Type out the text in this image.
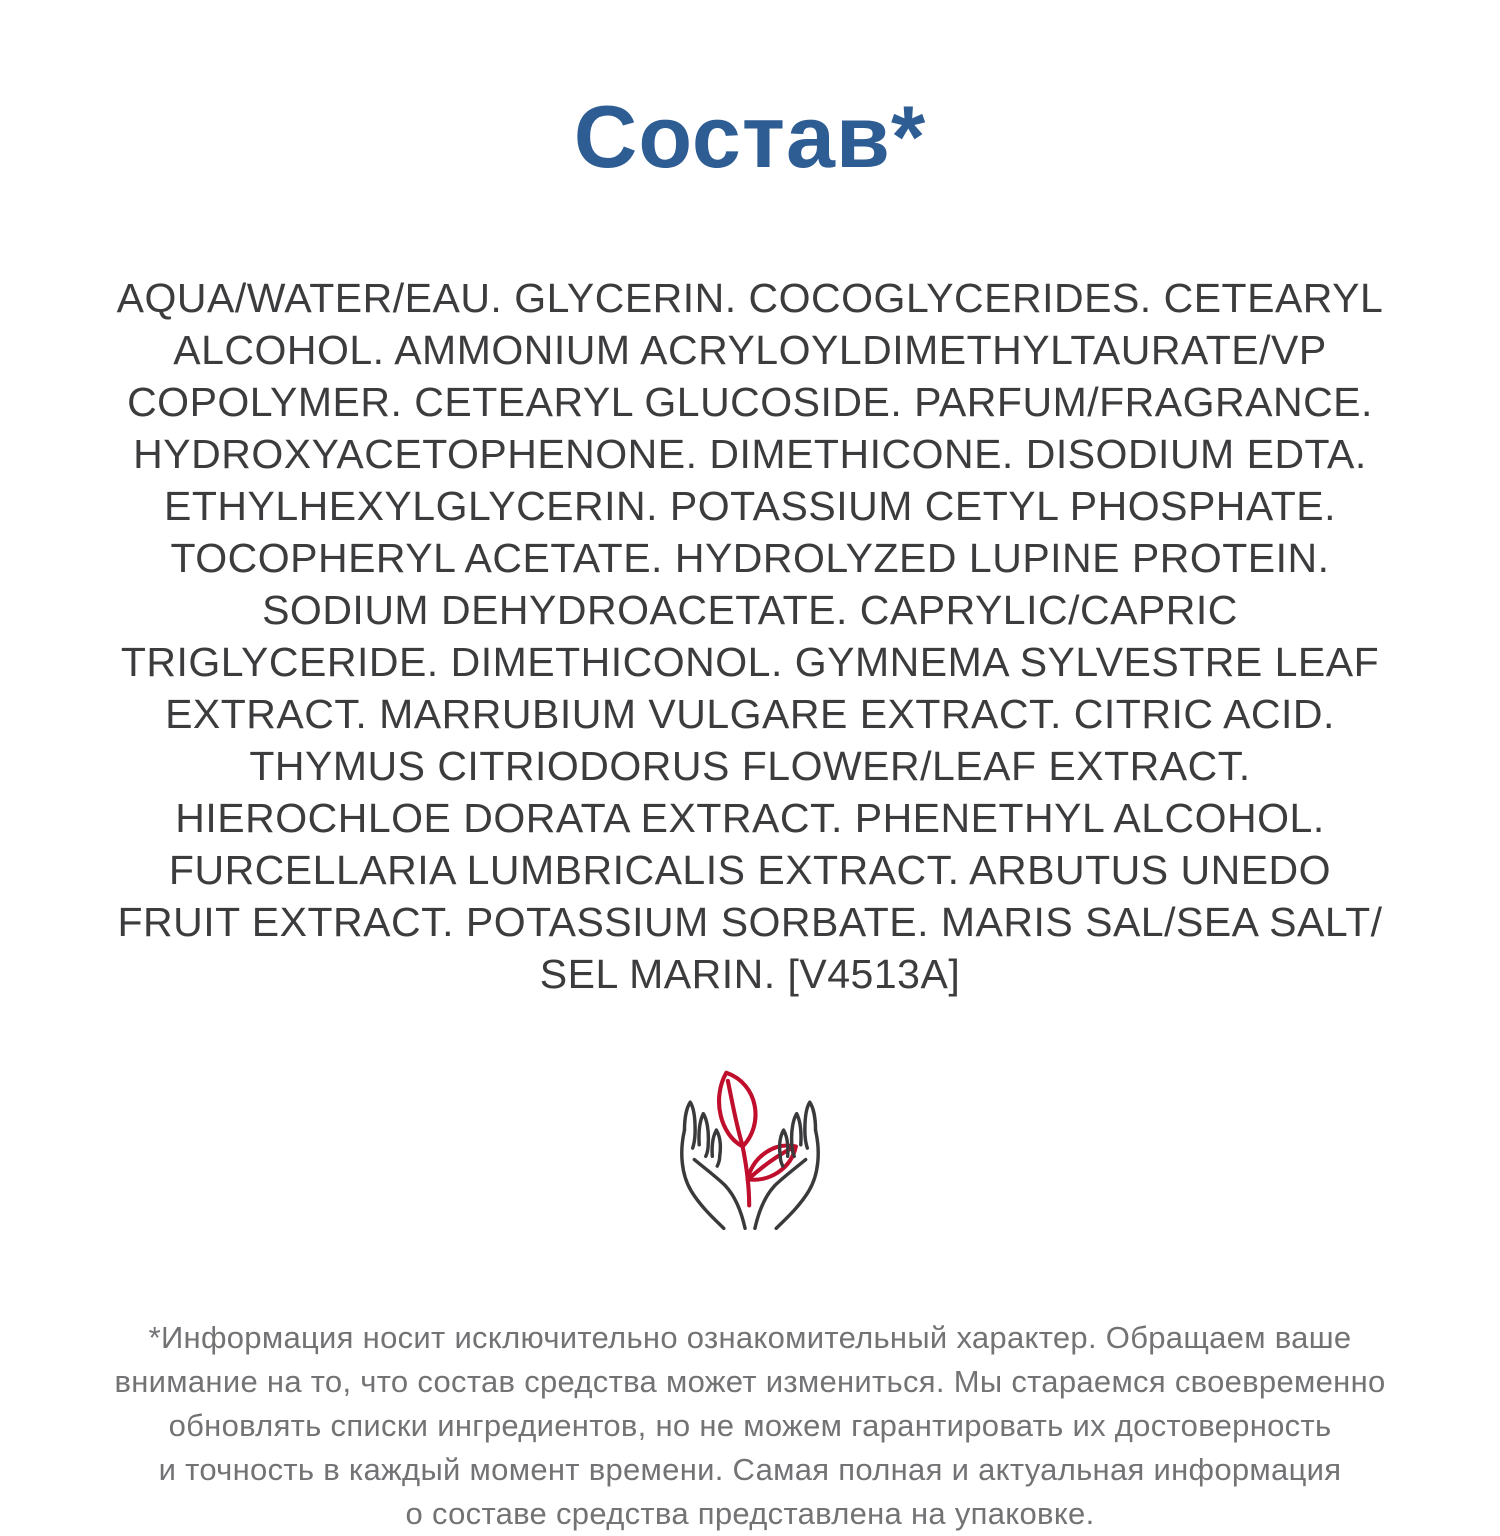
Состав*
AQUA/WATER/EAU. GLYCERIN. COCOGLYCERIDES. CETEARYL
ALCOHOL. AMMONIUM ACRYLOYLDIMETHYLTAURATE/VP
COPOLYMER. CETEARYL GLUCOSIDE. PARFUM/FRAGRANCE.
HYDROXYACETOPHENONE. DIMETHICONE. DISODIUM EDTA.
ETHYLHEXYLGLYCERIN. POTASSIUM CETYL PHOSPHATE.
TOCOPHERYL ACETATE. HYDROLYZED LUPINE PROTEIN.
SODIUM DEHYDROACETATE. CAPRYLIC/CAPRIC
TRIGLYCERIDE. DIMETHICONOL. GYMNEMA SYLVESTRE LEAF
EXTRACT. MARRUBIUM VULGARE EXTRACT. CITRIC ACID.
THYMUS CITRIODORUS FLOWER/LEAF EXTRACT.
HIEROCHLOE DORATA EXTRACT. PHENETHYL ALCOHOL.
FURCELLARIA LUMBRICALIS EXTRACT. ARBUTUS UNEDO
FRUIT EXTRACT. POTASSIUM SORBATE. MARIS SAL/SEA SALT/
SEL MARIN. [V4513A]
*Информация носит исключительно ознакомительный характер. Обращаем ваше
внимание на то, что состав средства может измениться. Мы стараемся своевременно
обновлять списки ингредиентов, но не можем гарантировать их достоверность
и точность в каждый момент времени. Самая полная и актуальная информация
о составе средства представлена на упаковке.
